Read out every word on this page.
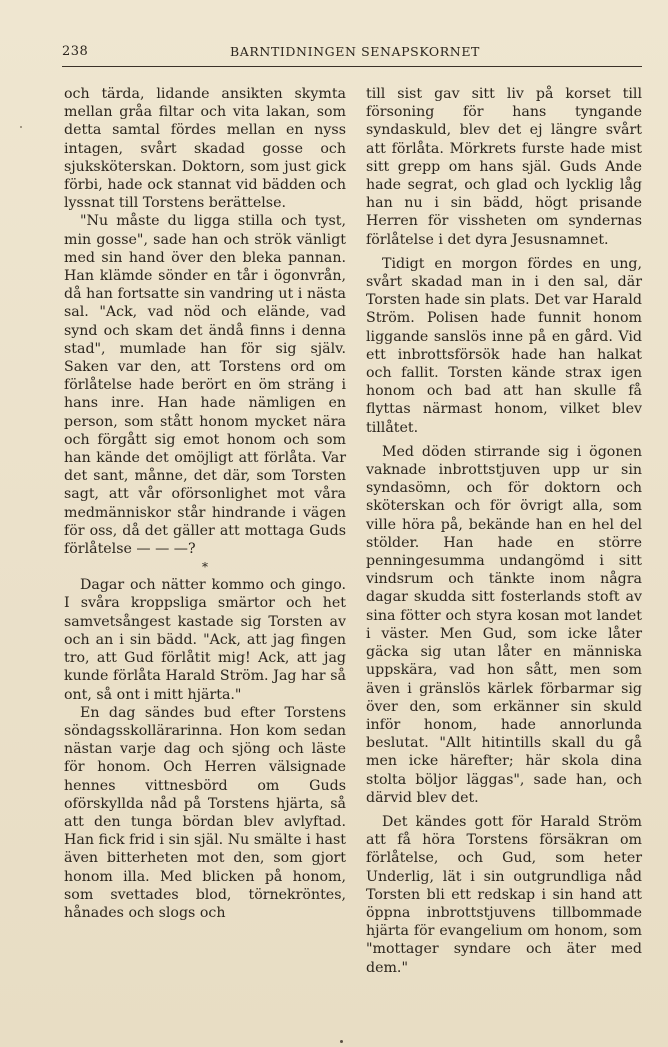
238	BARNTIDNINGEN SENAPSKORNET

och tärda, lidande ansikten skymta mellan gråa filtar och vita lakan, som detta samtal fördes mellan en nyss intagen, svårt skadad gosse och sjuksköterskan. Doktorn, som just gick förbi, hade ock stannat vid bädden och lyssnat till Torstens berättelse.

"Nu måste du ligga stilla och tyst, min gosse", sade han och strök vänligt med sin hand över den bleka pannan. Han klämde sönder en tår i ögonvrån, då han fortsatte sin vandring ut i nästa sal. "Ack, vad nöd och elände, vad synd och skam det ändå finns i denna stad", mumlade han för sig själv. Saken var den, att Torstens ord om förlåtelse hade berört en öm sträng i hans inre. Han hade nämligen en person, som stått honom mycket nära och förgått sig emot honom och som han kände det omöjligt att förlåta. Var det sant, månne, det där, som Torsten sagt, att vår oförsonlighet mot våra medmänniskor står hindrande i vägen för oss, då det gäller att mottaga Guds förlåtelse — — —?

*

Dagar och nätter kommo och gingo. I svåra kroppsliga smärtor och het samvetsångest kastade sig Torsten av och an i sin bädd. "Ack, att jag fingen tro, att Gud förlåtit mig! Ack, att jag kunde förlåta Harald Ström. Jag har så ont, så ont i mitt hjärta."

En dag sändes bud efter Torstens söndagsskollärarinna. Hon kom sedan nästan varje dag och sjöng och läste för honom. Och Herren välsignade hennes vittnesbörd om Guds oförskyllda nåd på Torstens hjärta, så att den tunga bördan blev avlyftad. Han fick frid i sin själ. Nu smälte i hast även bitterheten mot den, som gjort honom illa. Med blicken på honom, som svettades blod, törnekröntes, hånades och slogs och

till sist gav sitt liv på korset till försoning för hans tyngande syndaskuld, blev det ej längre svårt att förlåta. Mörkrets furste hade mist sitt grepp om hans själ. Guds Ande hade segrat, och glad och lycklig låg han nu i sin bädd, högt prisande Herren för vissheten om syndernas förlåtelse i det dyra Jesusnamnet.

Tidigt en morgon fördes en ung, svårt skadad man in i den sal, där Torsten hade sin plats. Det var Harald Ström. Polisen hade funnit honom liggande sanslös inne på en gård. Vid ett inbrottsförsök hade han halkat och fallit. Torsten kände strax igen honom och bad att han skulle få flyttas närmast honom, vilket blev tillåtet.

Med döden stirrande sig i ögonen vaknade inbrottstjuven upp ur sin syndasömn, och för doktorn och sköterskan och för övrigt alla, som ville höra på, bekände han en hel del stölder. Han hade en större penningesumma undangömd i sitt vindsrum och tänkte inom några dagar skudda sitt fosterlands stoft av sina fötter och styra kosan mot landet i väster. Men Gud, som icke låter gäcka sig utan låter en människa uppskära, vad hon sått, men som även i gränslös kärlek förbarmar sig över den, som erkänner sin skuld inför honom, hade annorlunda beslutat. "Allt hitintills skall du gå men icke härefter; här skola dina stolta böljor läggas", sade han, och därvid blev det.

Det kändes gott för Harald Ström att få höra Torstens försäkran om förlåtelse, och Gud, som heter Underlig, lät i sin outgrundliga nåd Torsten bli ett redskap i sin hand att öppna inbrottstjuvens tillbommade hjärta för evangelium om honom, som "mottager syndare och äter med dem."
